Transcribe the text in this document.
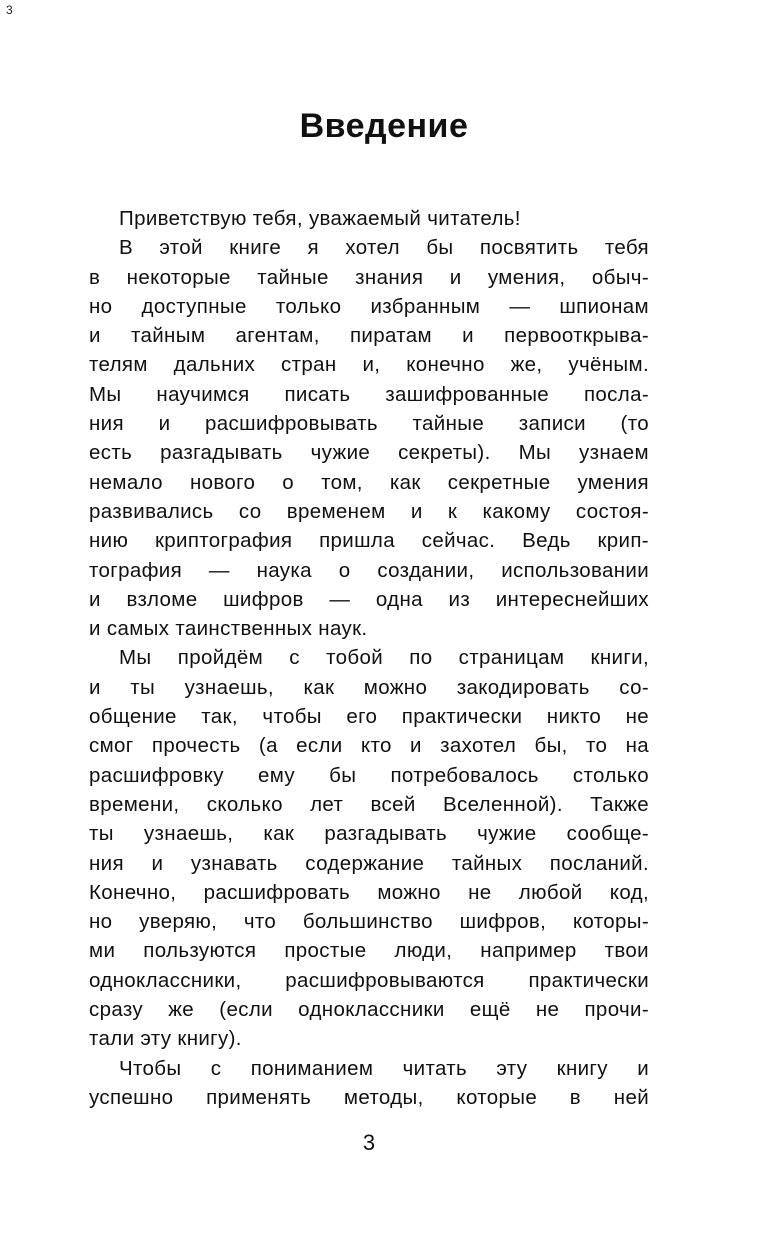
3
Введение
Приветствую тебя, уважаемый читатель!
В этой книге я хотел бы посвятить тебя
в некоторые тайные знания и умения, обыч-
но доступные только избранным — шпионам
и тайным агентам, пиратам и первооткрыва-
телям дальних стран и, конечно же, учёным.
Мы научимся писать зашифрованные посла-
ния и расшифровывать тайные записи (то
есть разгадывать чужие секреты). Мы узнаем
немало нового о том, как секретные умения
развивались со временем и к какому состоя-
нию криптография пришла сейчас. Ведь крип-
тография — наука о создании, использовании
и взломе шифров — одна из интереснейших
и самых таинственных наук.
Мы пройдём с тобой по страницам книги,
и ты узнаешь, как можно закодировать со-
общение так, чтобы его практически никто не
смог прочесть (а если кто и захотел бы, то на
расшифровку ему бы потребовалось столько
времени, сколько лет всей Вселенной). Также
ты узнаешь, как разгадывать чужие сообще-
ния и узнавать содержание тайных посланий.
Конечно, расшифровать можно не любой код,
но уверяю, что большинство шифров, которы-
ми пользуются простые люди, например твои
одноклассники, расшифровываются практически
сразу же (если одноклассники ещё не прочи-
тали эту книгу).
Чтобы с пониманием читать эту книгу и
успешно применять методы, которые в ней
3
